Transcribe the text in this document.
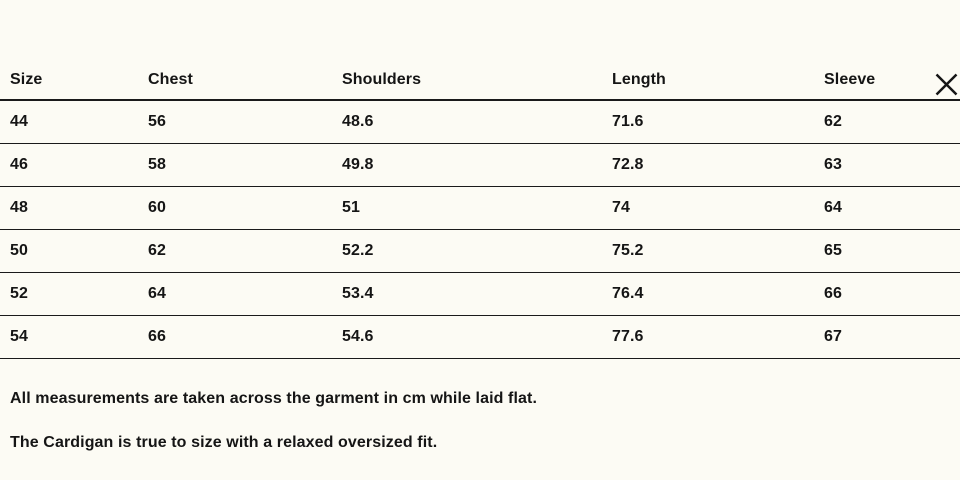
Size	Chest	Shoulders	Length	Sleeve
44	56	48.6	71.6	62
46	58	49.8	72.8	63
48	60	51	74	64
50	62	52.2	75.2	65
52	64	53.4	76.4	66
54	66	54.6	77.6	67

All measurements are taken across the garment in cm while laid flat.

The Cardigan is true to size with a relaxed oversized fit.
